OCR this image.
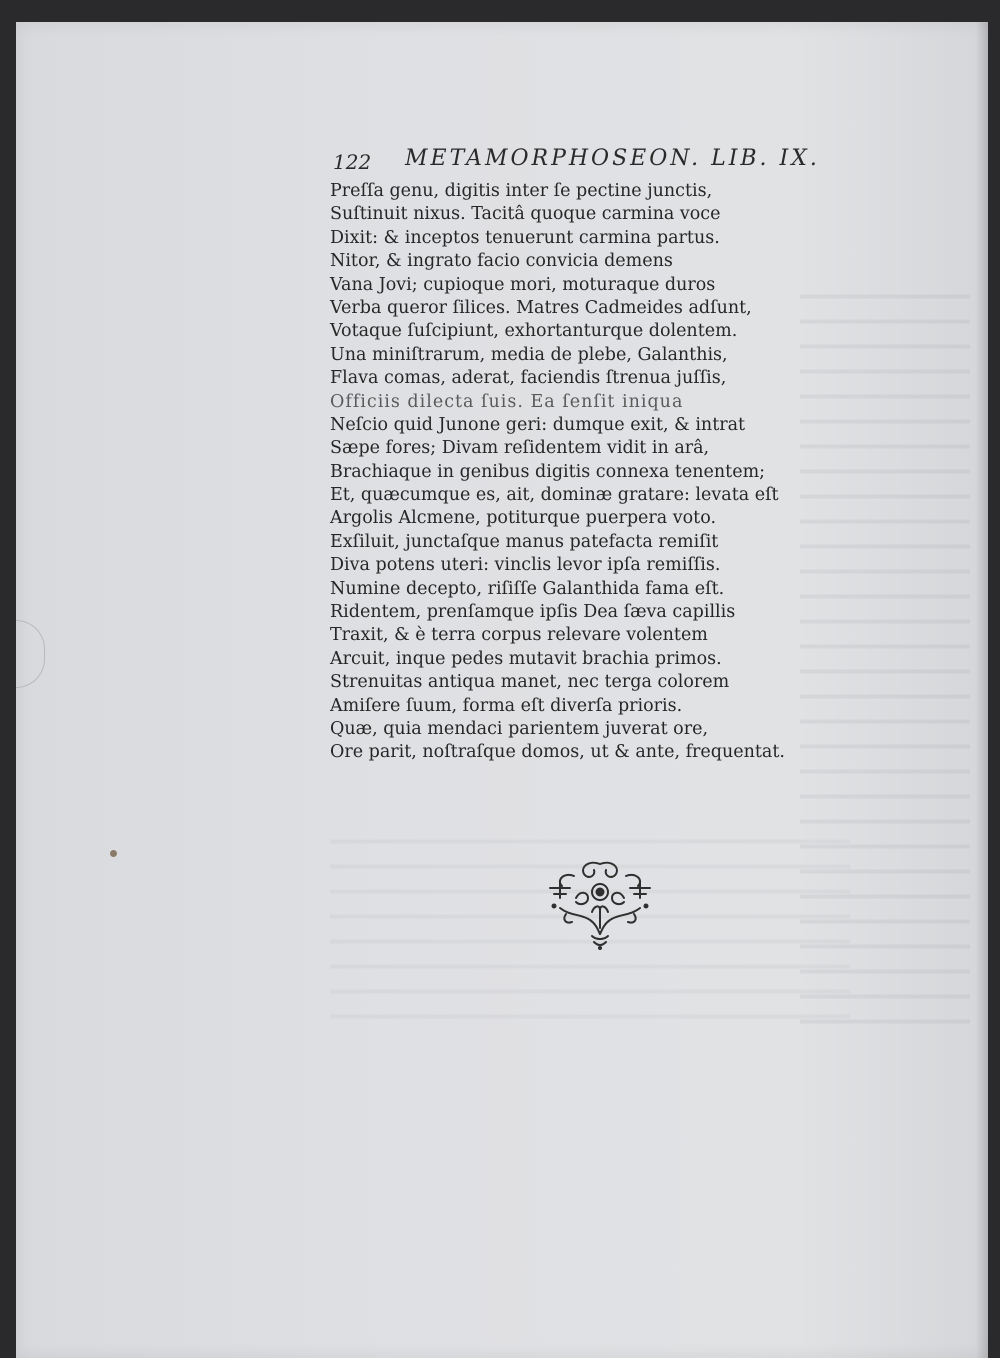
122 METAMORPHOSEON. LIB. IX.
Preſſa genu, digitis inter ſe pectine junctis,
Suſtinuit nixus. Tacitâ quoque carmina voce
Dixit: & inceptos tenuerunt carmina partus.
Nitor, & ingrato facio convicia demens
Vana Jovi; cupioque mori, moturaque duros
Verba queror ſilices. Matres Cadmeides adſunt,
Votaque ſuſcipiunt, exhortanturque dolentem.
Una miniſtrarum, media de plebe, Galanthis,
Flava comas, aderat, faciendis ſtrenua juſſis,
Officiis dilecta ſuis. Ea ſenſit iniqua
Neſcio quid Junone geri: dumque exit, & intrat
Sæpe fores; Divam reſidentem vidit in arâ,
Brachiaque in genibus digitis connexa tenentem;
Et, quæcumque es, ait, dominæ gratare: levata eſt
Argolis Alcmene, potiturque puerpera voto.
Exſiluit, junctaſque manus patefacta remiſit
Diva potens uteri: vinclis levor ipſa remiſſis.
Numine decepto, riſiſſe Galanthida fama eſt.
Ridentem, prenſamque ipſis Dea ſæva capillis
Traxit, & è terra corpus relevare volentem
Arcuit, inque pedes mutavit brachia primos.
Strenuitas antiqua manet, nec terga colorem
Amiſere ſuum, forma eſt diverſa prioris.
Quæ, quia mendaci parientem juverat ore,
Ore parit, noſtraſque domos, ut & ante, frequentat.
